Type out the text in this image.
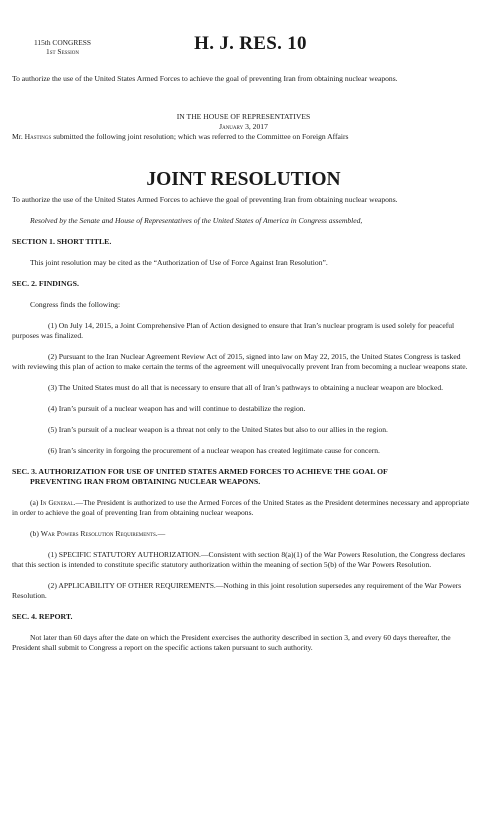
115th CONGRESS
1st Session	H. J. RES. 10

To authorize the use of the United States Armed Forces to achieve the goal of preventing Iran from obtaining nuclear weapons.

IN THE HOUSE OF REPRESENTATIVES

January 3, 2017

Mr. Hastings submitted the following joint resolution; which was referred to the Committee on Foreign Affairs

JOINT RESOLUTION

To authorize the use of the United States Armed Forces to achieve the goal of preventing Iran from obtaining nuclear weapons.

Resolved by the Senate and House of Representatives of the United States of America in Congress assembled,

SECTION 1. SHORT TITLE.

This joint resolution may be cited as the “Authorization of Use of Force Against Iran Resolution”.

SEC. 2. FINDINGS.

Congress finds the following:

(1) On July 14, 2015, a Joint Comprehensive Plan of Action designed to ensure that Iran’s nuclear program is used solely for peaceful purposes was finalized.

(2) Pursuant to the Iran Nuclear Agreement Review Act of 2015, signed into law on May 22, 2015, the United States Congress is tasked with reviewing this plan of action to make certain the terms of the agreement will unequivocally prevent Iran from becoming a nuclear weapons state.

(3) The United States must do all that is necessary to ensure that all of Iran’s pathways to obtaining a nuclear weapon are blocked.

(4) Iran’s pursuit of a nuclear weapon has and will continue to destabilize the region.

(5) Iran’s pursuit of a nuclear weapon is a threat not only to the United States but also to our allies in the region.

(6) Iran’s sincerity in forgoing the procurement of a nuclear weapon has created legitimate cause for concern.

SEC. 3. AUTHORIZATION FOR USE OF UNITED STATES ARMED FORCES TO ACHIEVE THE GOAL OF
PREVENTING IRAN FROM OBTAINING NUCLEAR WEAPONS.

(a) In General.—The President is authorized to use the Armed Forces of the United States as the President determines necessary and appropriate in order to achieve the goal of preventing Iran from obtaining nuclear weapons.

(b) War Powers Resolution Requirements.—

(1) SPECIFIC STATUTORY AUTHORIZATION.—Consistent with section 8(a)(1) of the War Powers Resolution, the Congress declares that this section is intended to constitute specific statutory authorization within the meaning of section 5(b) of the War Powers Resolution.

(2) APPLICABILITY OF OTHER REQUIREMENTS.—Nothing in this joint resolution supersedes any requirement of the War Powers Resolution.

SEC. 4. REPORT.

Not later than 60 days after the date on which the President exercises the authority described in section 3, and every 60 days thereafter, the President shall submit to Congress a report on the specific actions taken pursuant to such authority.
